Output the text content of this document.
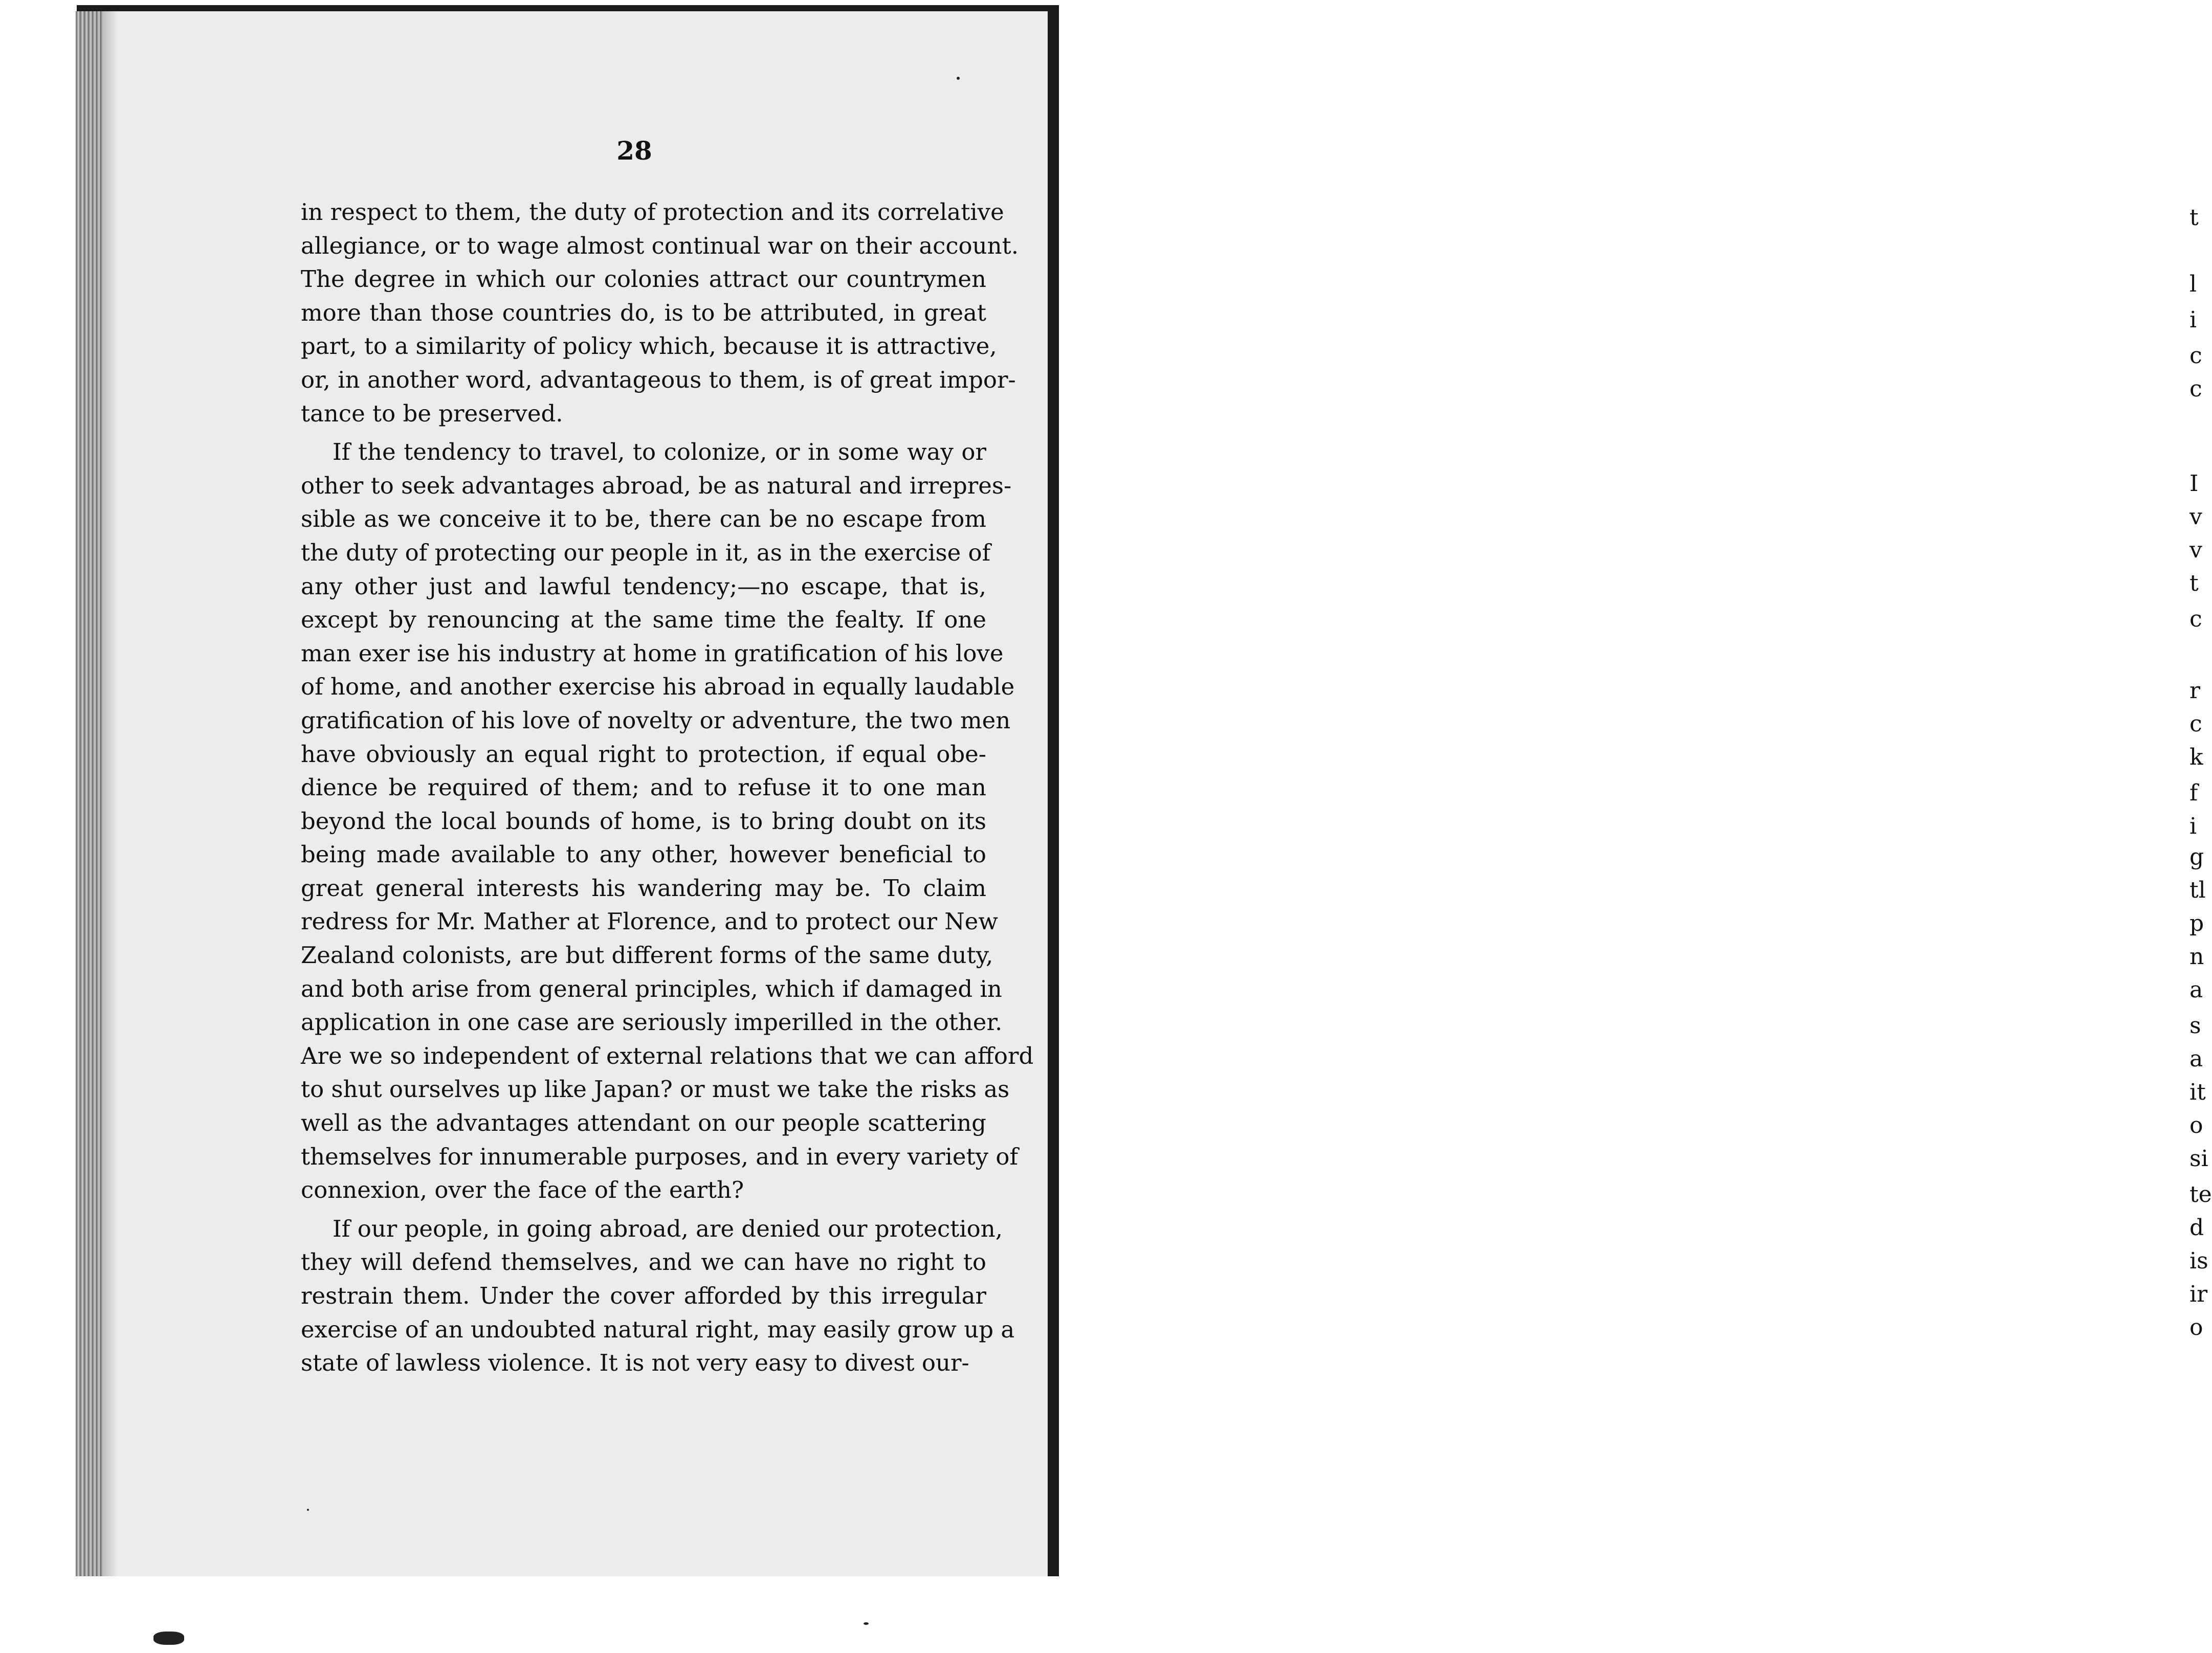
t
l
i
c
c
I
v
v
t
c
r
c
k
f
i
g
tl
p
n
a
s
a
it
o
si
te
d
is
ir
o
28
in respect to them, the duty of protection and its correlative
allegiance, or to wage almost continual war on their account.
The degree in which our colonies attract our countrymen
more than those countries do, is to be attributed, in great
part, to a similarity of policy which, because it is attractive,
or, in another word, advantageous to them, is of great impor-
tance to be preserved.
If the tendency to travel, to colonize, or in some way or
other to seek advantages abroad, be as natural and irrepres-
sible as we conceive it to be, there can be no escape from
the duty of protecting our people in it, as in the exercise of
any other just and lawful tendency;—no escape, that is,
except by renouncing at the same time the fealty. If one
man exer ise his industry at home in gratification of his love
of home, and another exercise his abroad in equally laudable
gratification of his love of novelty or adventure, the two men
have obviously an equal right to protection, if equal obe-
dience be required of them; and to refuse it to one man
beyond the local bounds of home, is to bring doubt on its
being made available to any other, however beneficial to
great general interests his wandering may be. To claim
redress for Mr. Mather at Florence, and to protect our New
Zealand colonists, are but different forms of the same duty,
and both arise from general principles, which if damaged in
application in one case are seriously imperilled in the other.
Are we so independent of external relations that we can afford
to shut ourselves up like Japan? or must we take the risks as
well as the advantages attendant on our people scattering
themselves for innumerable purposes, and in every variety of
connexion, over the face of the earth?
If our people, in going abroad, are denied our protection,
they will defend themselves, and we can have no right to
restrain them. Under the cover afforded by this irregular
exercise of an undoubted natural right, may easily grow up a
state of lawless violence. It is not very easy to divest our-
